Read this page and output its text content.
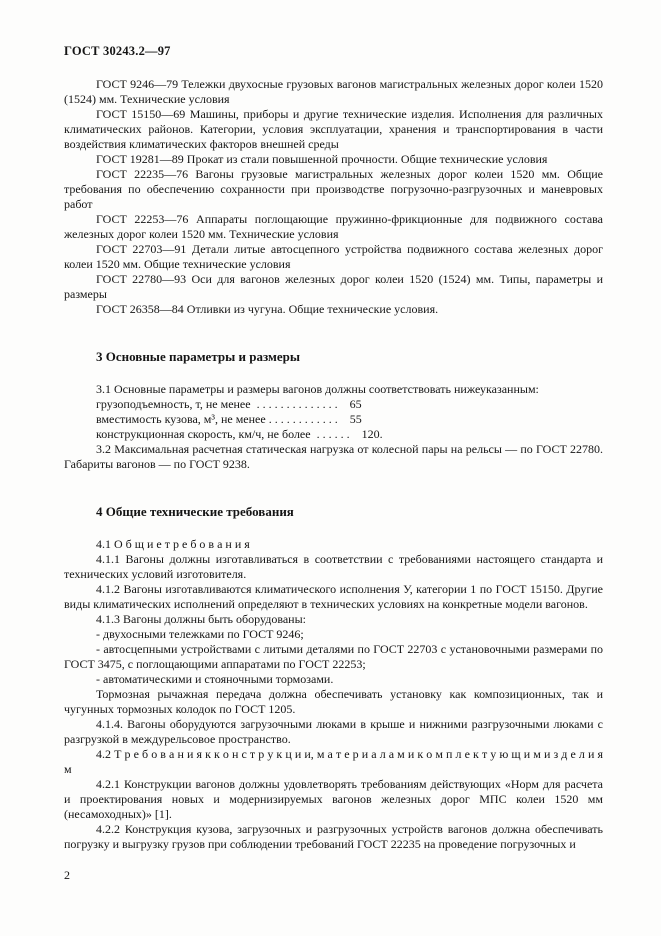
ГОСТ 30243.2—97
ГОСТ 9246—79 Тележки двухосные грузовых вагонов магистральных железных дорог колеи 1520 (1524) мм. Технические условия
ГОСТ 15150—69 Машины, приборы и другие технические изделия. Исполнения для различных климатических районов. Категории, условия эксплуатации, хранения и транспортирования в части воздействия климатических факторов внешней среды
ГОСТ 19281—89 Прокат из стали повышенной прочности. Общие технические условия
ГОСТ 22235—76 Вагоны грузовые магистральных железных дорог колеи 1520 мм. Общие требования по обеспечению сохранности при производстве погрузочно-разгрузочных и маневровых работ
ГОСТ 22253—76 Аппараты поглощающие пружинно-фрикционные для подвижного состава железных дорог колеи 1520 мм. Технические условия
ГОСТ 22703—91 Детали литые автосцепного устройства подвижного состава железных дорог колеи 1520 мм. Общие технические условия
ГОСТ 22780—93 Оси для вагонов железных дорог колеи 1520 (1524) мм. Типы, параметры и размеры
ГОСТ 26358—84 Отливки из чугуна. Общие технические условия.
3 Основные параметры и размеры
3.1 Основные параметры и размеры вагонов должны соответствовать нижеуказанным:
грузоподъемность, т, не менее  . . . . . . . . . . . . . .    65
вместимость кузова, м³, не менее . . . . . . . . . . . .    55
конструкционная скорость, км/ч, не более  . . . . . .    120.
3.2 Максимальная расчетная статическая нагрузка от колесной пары на рельсы — по ГОСТ 22780. Габариты вагонов — по ГОСТ 9238.
4 Общие технические требования
4.1 О б щ и е т р е б о в а н и я
4.1.1 Вагоны должны изготавливаться в соответствии с требованиями настоящего стандарта и технических условий изготовителя.
4.1.2 Вагоны изготавливаются климатического исполнения У, категории 1 по ГОСТ 15150. Другие виды климатических исполнений определяют в технических условиях на конкретные модели вагонов.
4.1.3 Вагоны должны быть оборудованы:
- двухосными тележками по ГОСТ 9246;
- автосцепными устройствами с литыми деталями по ГОСТ 22703 с установочными размерами по ГОСТ 3475, с поглощающими аппаратами по ГОСТ 22253;
- автоматическими и стояночными тормозами.
Тормозная рычажная передача должна обеспечивать установку как композиционных, так и чугунных тормозных колодок по ГОСТ 1205.
4.1.4. Вагоны оборудуются загрузочными люками в крыше и нижними разгрузочными люками с разгрузкой в междурельсовое пространство.
4.2 Т р е б о в а н и я к к о н с т р у к ц и и, м а т е р и а л а м и к о м п л е к т у ю щ и м и з д е л и я м
4.2.1 Конструкции вагонов должны удовлетворять требованиям действующих «Норм для расчета и проектирования новых и модернизируемых вагонов железных дорог МПС колеи 1520 мм (несамоходных)» [1].
4.2.2 Конструкция кузова, загрузочных и разгрузочных устройств вагонов должна обеспечивать погрузку и выгрузку грузов при соблюдении требований ГОСТ 22235 на проведение погрузочных и
2
